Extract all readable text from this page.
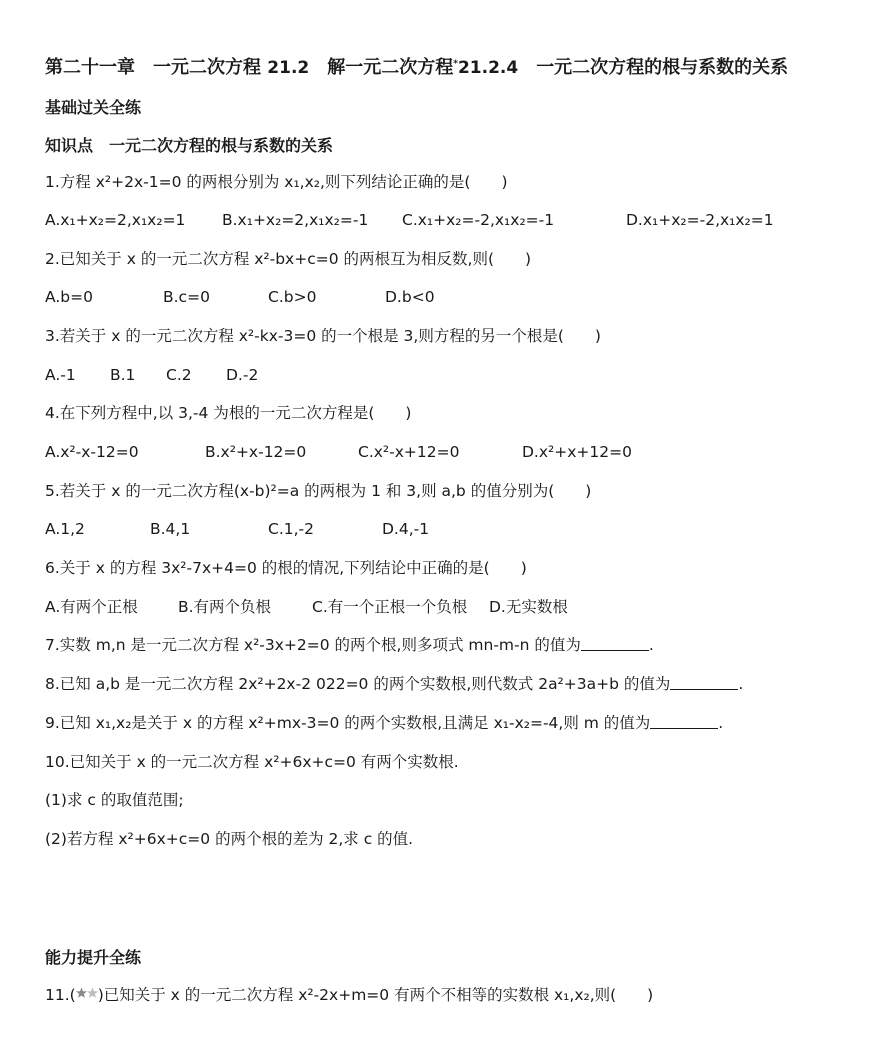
第二十一章 一元二次方程 21.2 解一元二次方程*21.2.4 一元二次方程的根与系数的关系
基础过关全练
知识点　一元二次方程的根与系数的关系
1.方程 x²+2x-1=0 的两根分别为 x₁,x₂,则下列结论正确的是(　　)
A.x₁+x₂=2,x₁x₂=1 B.x₁+x₂=2,x₁x₂=-1 C.x₁+x₂=-2,x₁x₂=-1	D.x₁+x₂=-2,x₁x₂=1
2.已知关于 x 的一元二次方程 x²-bx+c=0 的两根互为相反数,则(　　)
A.b=0	B.c=0	C.b>0	D.b<0
3.若关于 x 的一元二次方程 x²-kx-3=0 的一个根是 3,则方程的另一个根是(　　)
A.-1 B.1 C.2 D.-2
4.在下列方程中,以 3,-4 为根的一元二次方程是(　　)
A.x²-x-12=0	B.x²+x-12=0	C.x²-x+12=0	D.x²+x+12=0
5.若关于 x 的一元二次方程(x-b)²=a 的两根为 1 和 3,则 a,b 的值分别为(　　)
A.1,2	B.4,1	C.1,-2	D.4,-1
6.关于 x 的方程 3x²-7x+4=0 的根的情况,下列结论中正确的是(　　)
A.有两个正根	B.有两个负根	C.有一个正根一个负根 D.无实数根
7.实数 m,n 是一元二次方程 x²-3x+2=0 的两个根,则多项式 mn-m-n 的值为	.
8.已知 a,b 是一元二次方程 2x²+2x-2 022=0 的两个实数根,则代数式 2a²+3a+b 的值为	.
9.已知 x₁,x₂是关于 x 的方程 x²+mx-3=0 的两个实数根,且满足 x₁-x₂=-4,则 m 的值为	.
10.已知关于 x 的一元二次方程 x²+6x+c=0 有两个实数根.
(1)求 c 的取值范围;
(2)若方程 x²+6x+c=0 的两个根的差为 2,求 c 的值.
能力提升全练
11.( )已知关于 x 的一元二次方程 x²-2x+m=0 有两个不相等的实数根 x₁,x₂,则(　　)
